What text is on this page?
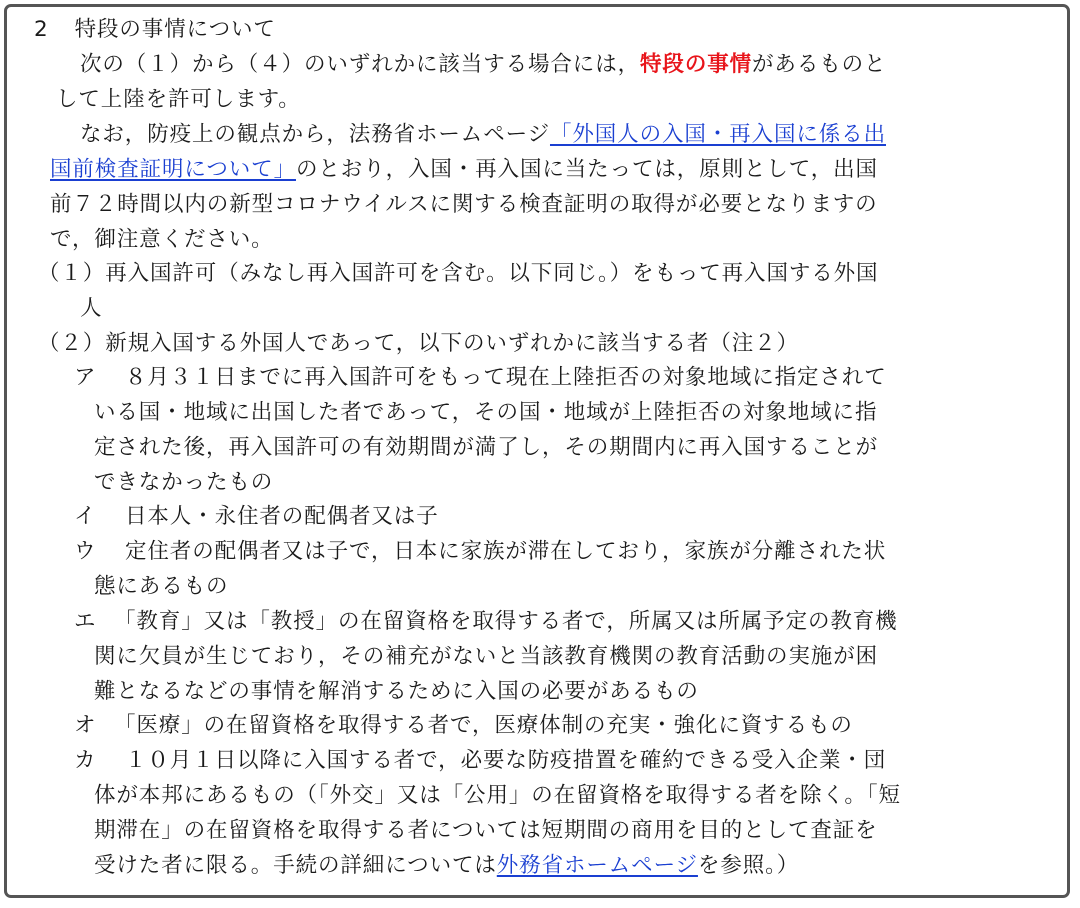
2 特段の事情について

次の（１）から（４）のいずれかに該当する場合には，特段の事情があるものと

して上陸を許可します。

なお，防疫上の観点から，法務省ホームページ「外国人の入国・再入国に係る出

国前検査証明について」のとおり，入国・再入国に当たっては，原則として，出国

前７２時間以内の新型コロナウイルスに関する検査証明の取得が必要となりますの

で，御注意ください。

（１）再入国許可（みなし再入国許可を含む。以下同じ。）をもって再入国する外国

人

（２）新規入国する外国人であって，以下のいずれかに該当する者（注２）

ア ８月３１日までに再入国許可をもって現在上陸拒否の対象地域に指定されて

いる国・地域に出国した者であって，その国・地域が上陸拒否の対象地域に指

定された後，再入国許可の有効期間が満了し，その期間内に再入国することが

できなかったもの

イ 日本人・永住者の配偶者又は子

ウ 定住者の配偶者又は子で，日本に家族が滞在しており，家族が分離された状

態にあるもの

エ 「教育」又は「教授」の在留資格を取得する者で，所属又は所属予定の教育機

関に欠員が生じており，その補充がないと当該教育機関の教育活動の実施が困

難となるなどの事情を解消するために入国の必要があるもの

オ 「医療」の在留資格を取得する者で，医療体制の充実・強化に資するもの

カ １０月１日以降に入国する者で，必要な防疫措置を確約できる受入企業・団

体が本邦にあるもの（「外交」又は「公用」の在留資格を取得する者を除く。「短

期滞在」の在留資格を取得する者については短期間の商用を目的として査証を

受けた者に限る。手続の詳細については外務省ホームページを参照。）
